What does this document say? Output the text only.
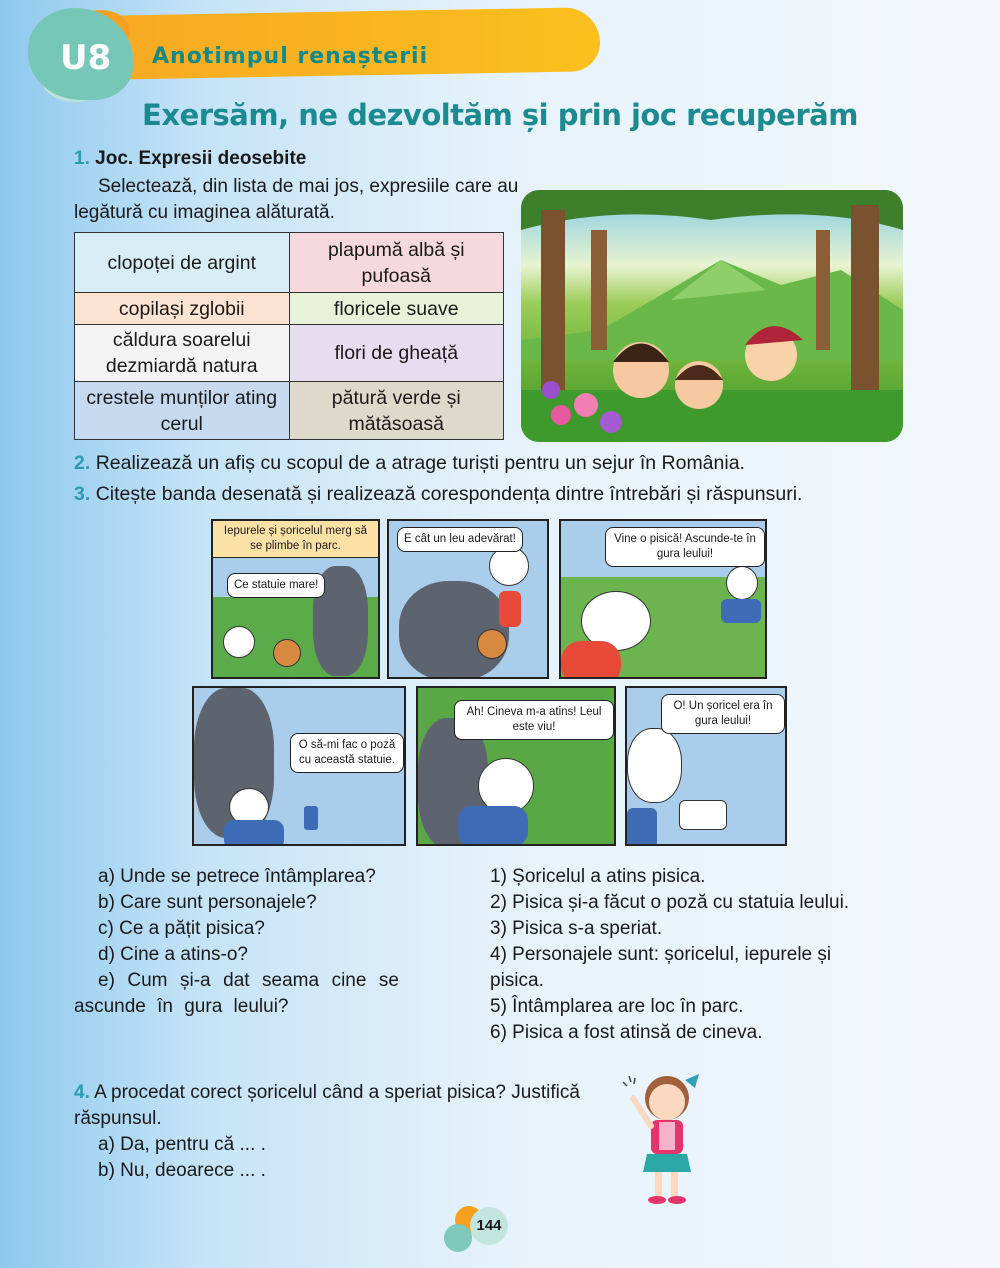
U8 Anotimpul renașterii
Exersăm, ne dezvoltăm și prin joc recuperăm
1. Joc. Expresii deosebite
Selectează, din lista de mai jos, expresiile care au legătură cu imaginea alăturată.
clopoței de argint	plapumă albă și pufoasă
copilași zglobii	floricele suave
căldura soarelui dezmiardă natura	flori de gheață
crestele munților ating cerul	pătură verde și mătăsoasă
2. Realizează un afiș cu scopul de a atrage turiști pentru un sejur în România.
3. Citește banda desenată și realizează corespondența dintre întrebări și răspunsuri.
Iepurele și șoricelul merg să se plimbe în parc.
Ce statuie mare!
E cât un leu adevărat!	Vine o pisică! Ascunde-te în gura leului!
O să-mi fac o poză cu această statuie.
Ah! Cineva m-a atins! Leul este viu!
O! Un șoricel era în gura leului!
a) Unde se petrece întâmplarea?
b) Care sunt personajele?
c) Ce a pățit pisica?
d) Cine a atins-o?
e) Cum și-a dat seama cine se ascunde în gura leului?
1) Șoricelul a atins pisica.
2) Pisica și-a făcut o poză cu statuia leului.
3) Pisica s-a speriat.
4) Personajele sunt: șoricelul, iepurele și pisica.
5) Întâmplarea are loc în parc.
6) Pisica a fost atinsă de cineva.
4. A procedat corect șoricelul când a speriat pisica? Justifică răspunsul.
a) Da, pentru că ... .
b) Nu, deoarece ... .
144
